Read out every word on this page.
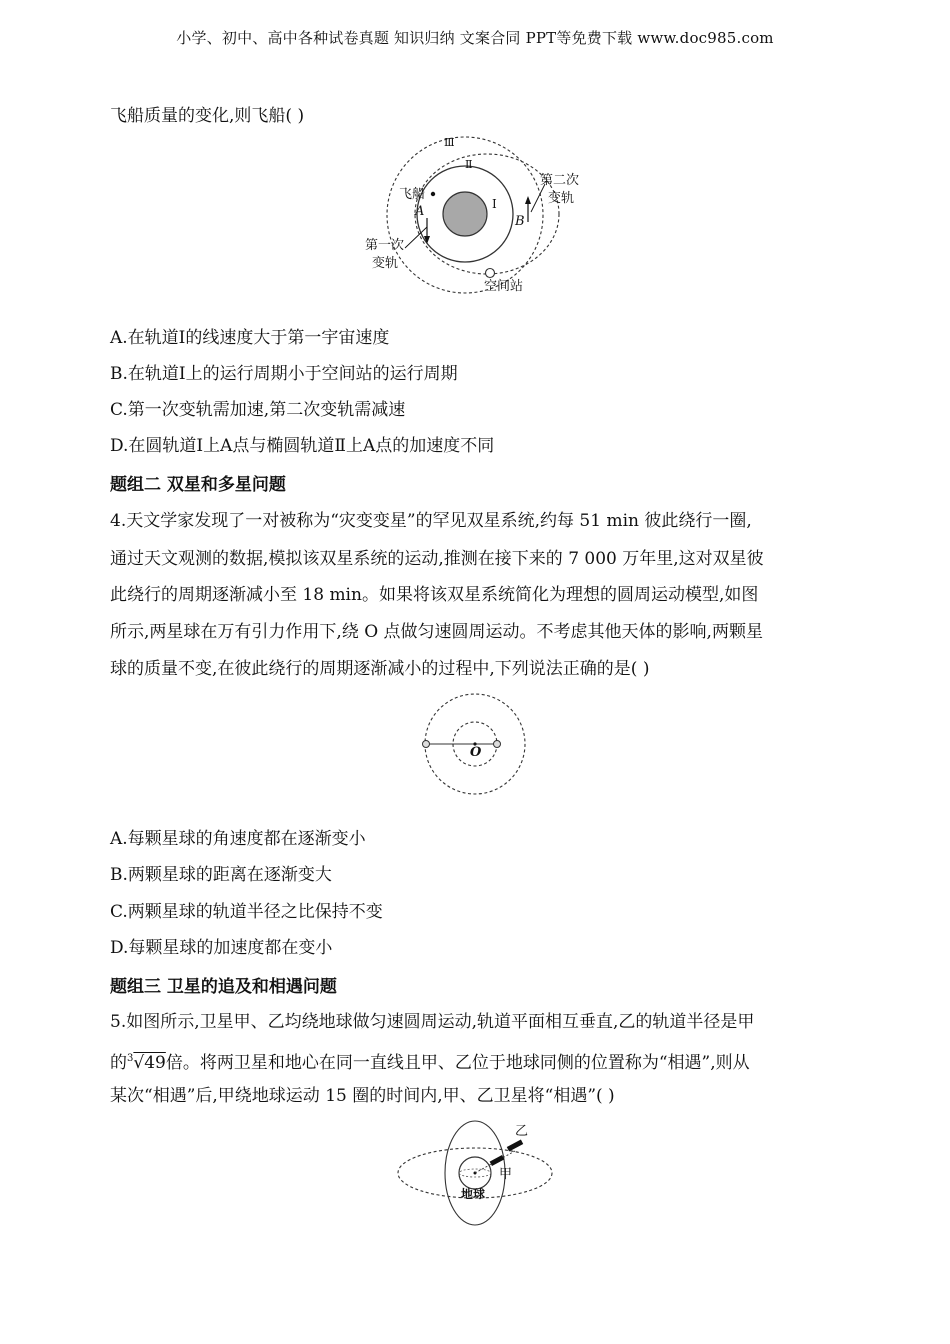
小学、初中、高中各种试卷真题 知识归纳 文案合同 PPT等免费下载 www.doc985.com
飞船质量的变化,则飞船( )
Ⅲ
Ⅱ
Ⅰ
飞船
A
B
第二次
变轨
第一次
变轨
空间站
A.在轨道Ⅰ的线速度大于第一宇宙速度
B.在轨道Ⅰ上的运行周期小于空间站的运行周期
C.第一次变轨需加速,第二次变轨需减速
D.在圆轨道Ⅰ上A点与椭圆轨道Ⅱ上A点的加速度不同
题组二 双星和多星问题
4.天文学家发现了一对被称为“灾变变星”的罕见双星系统,约每 51 min 彼此绕行一圈,
通过天文观测的数据,模拟该双星系统的运动,推测在接下来的 7 000 万年里,这对双星彼
此绕行的周期逐渐减小至 18 min。如果将该双星系统简化为理想的圆周运动模型,如图
所示,两星球在万有引力作用下,绕 O 点做匀速圆周运动。不考虑其他天体的影响,两颗星
球的质量不变,在彼此绕行的周期逐渐减小的过程中,下列说法正确的是( )
O
A.每颗星球的角速度都在逐渐变小
B.两颗星球的距离在逐渐变大
C.两颗星球的轨道半径之比保持不变
D.每颗星球的加速度都在变小
题组三 卫星的追及和相遇问题
5.如图所示,卫星甲、乙均绕地球做匀速圆周运动,轨道平面相互垂直,乙的轨道半径是甲
的$^3$√49倍。将两卫星和地心在同一直线且甲、乙位于地球同侧的位置称为“相遇”,则从
某次“相遇”后,甲绕地球运动 15 圈的时间内,甲、乙卫星将“相遇”( )
乙
甲
地球
